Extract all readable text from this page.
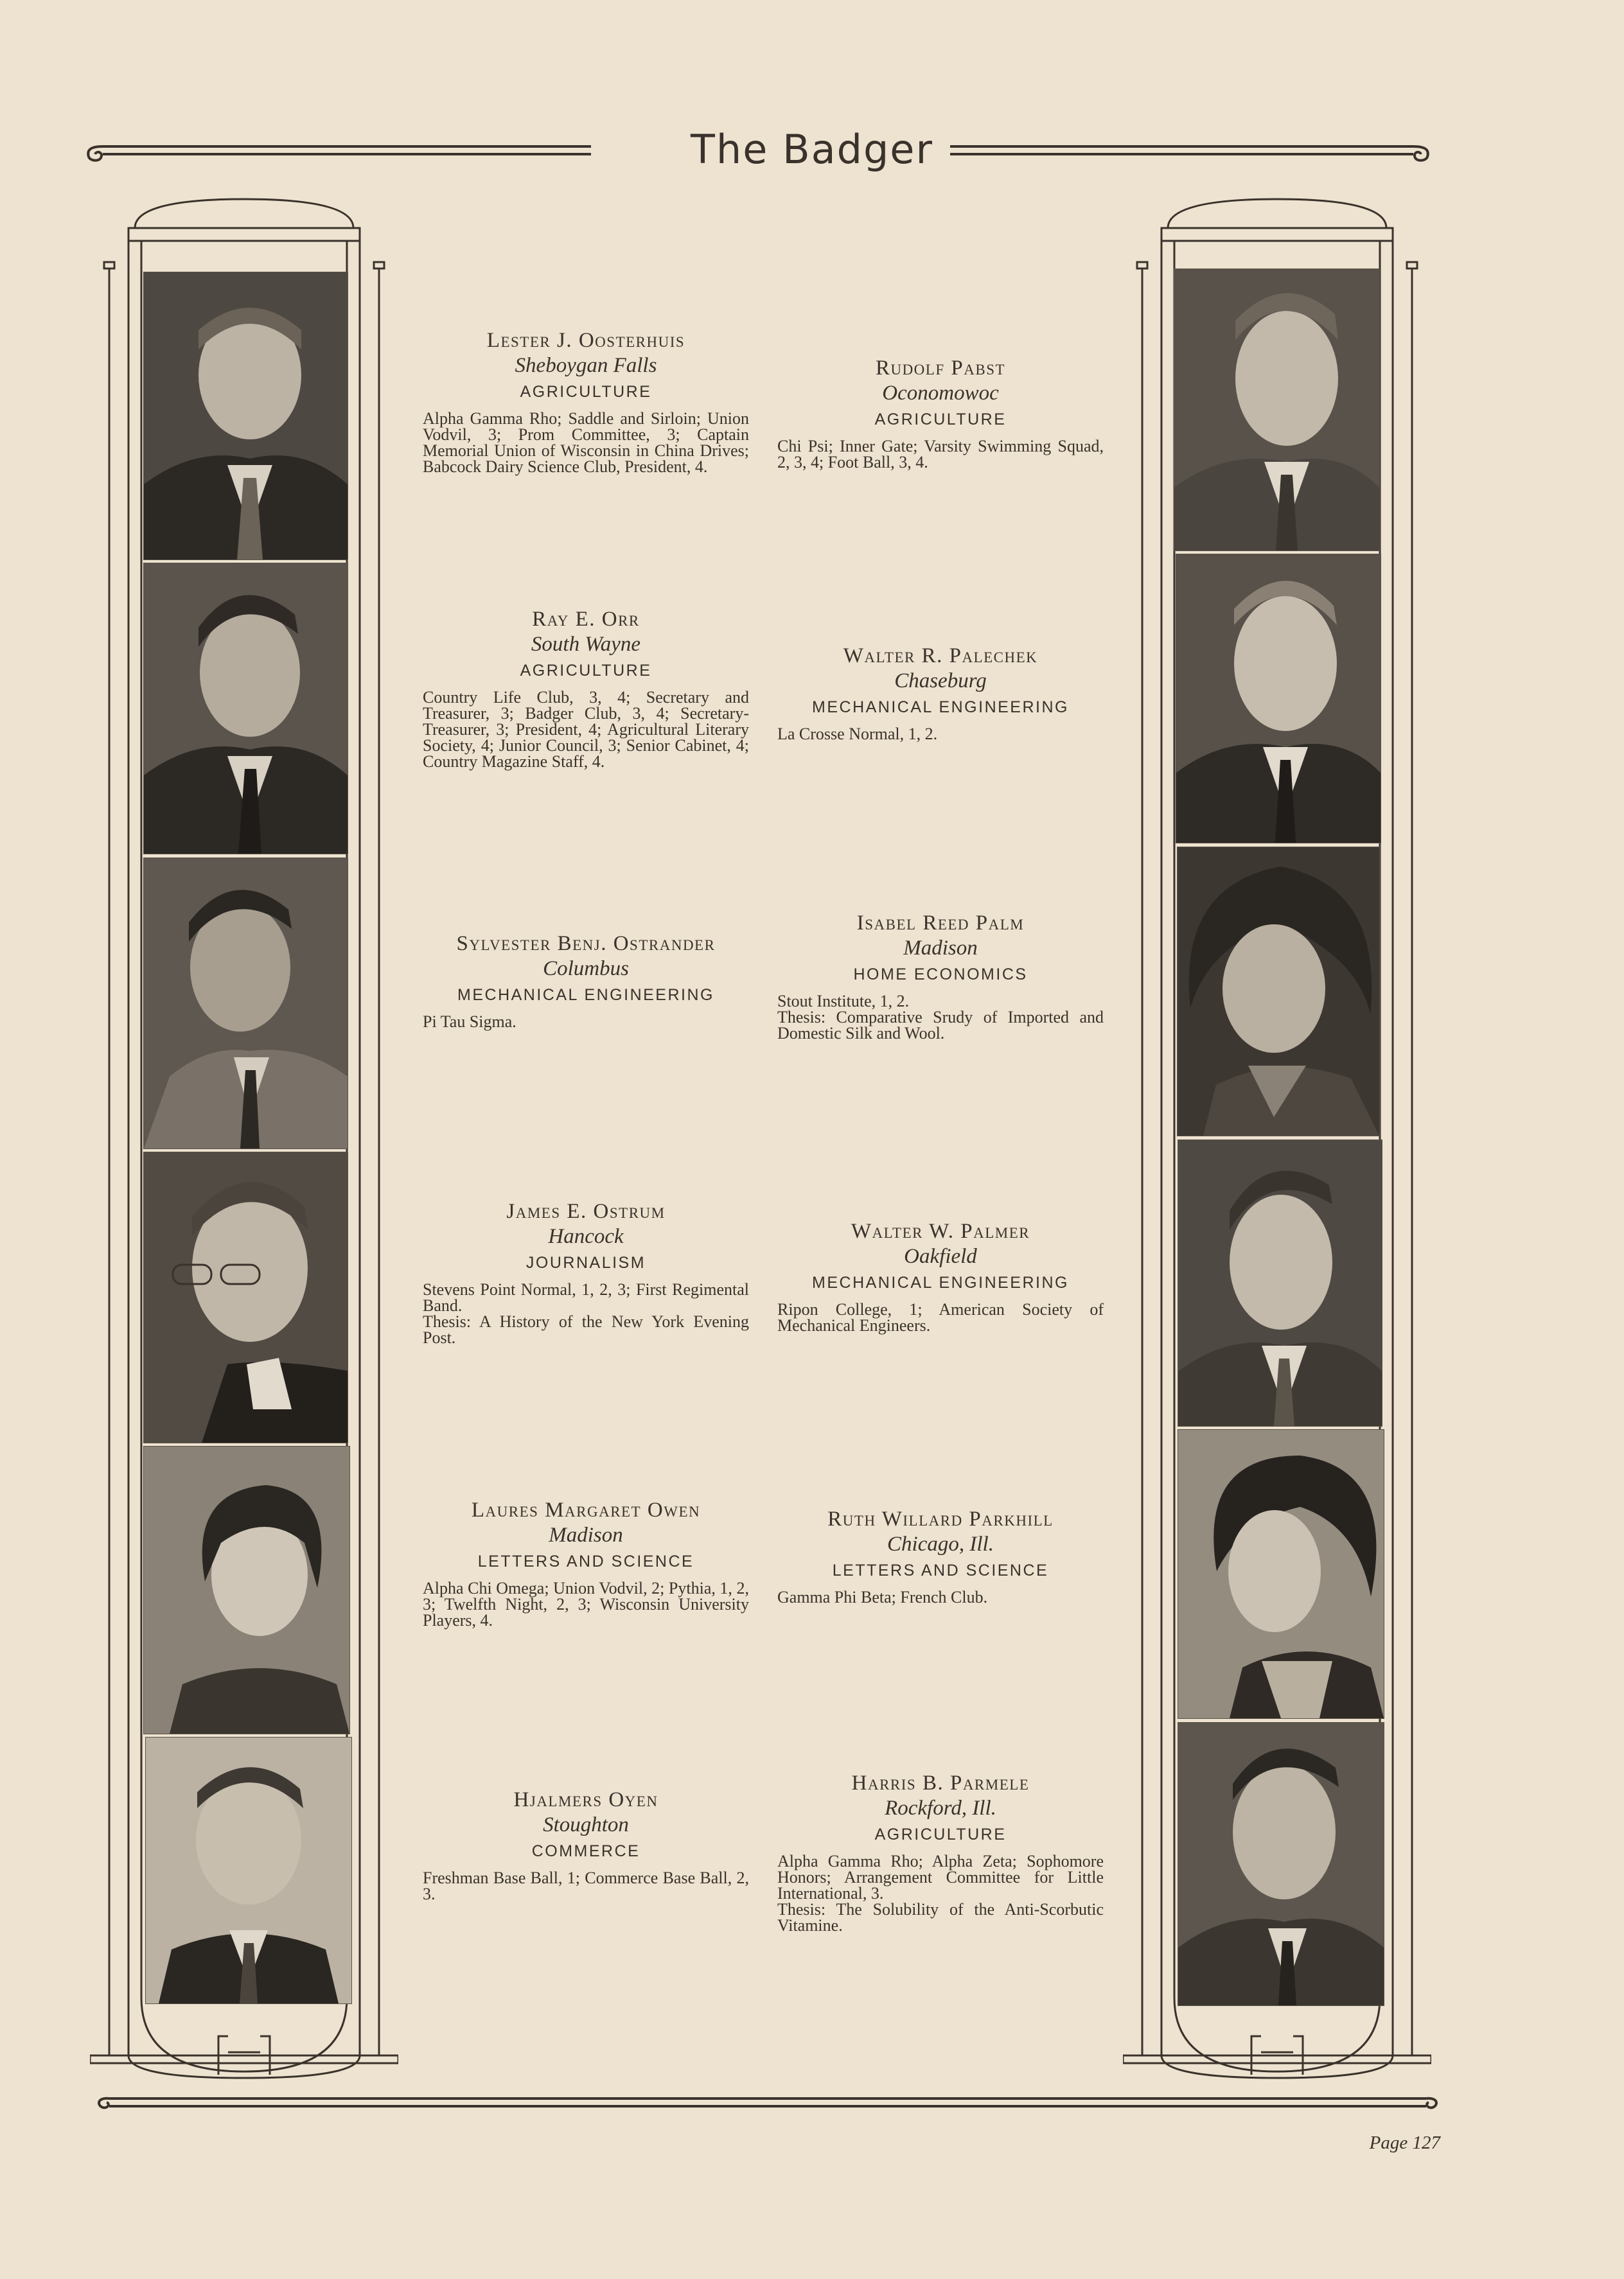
The Badger
Lester J. Oosterhuis
Sheboygan Falls
AGRICULTURE
Alpha Gamma Rho; Saddle and Sirloin; Union Vodvil, 3; Prom Committee, 3; Captain Memorial Union of Wisconsin in China Drives; Babcock Dairy Science Club, President, 4.
Ray E. Orr
South Wayne
AGRICULTURE
Country Life Club, 3, 4; Secretary and Treasurer, 3; Badger Club, 3, 4; Secretary-Treasurer, 3; President, 4; Agricultural Literary Society, 4; Junior Council, 3; Senior Cabinet, 4; Country Magazine Staff, 4.
Sylvester Benj. Ostrander
Columbus
MECHANICAL ENGINEERING
Pi Tau Sigma.
James E. Ostrum
Hancock
JOURNALISM
Stevens Point Normal, 1, 2, 3; First Regimental Band.
Thesis: A History of the New York Evening Post.
Laures Margaret Owen
Madison
LETTERS AND SCIENCE
Alpha Chi Omega; Union Vodvil, 2; Pythia, 1, 2, 3; Twelfth Night, 2, 3; Wisconsin University Players, 4.
Hjalmers Oyen
Stoughton
COMMERCE
Freshman Base Ball, 1; Commerce Base Ball, 2, 3.
Rudolf Pabst
Oconomowoc
AGRICULTURE
Chi Psi; Inner Gate; Varsity Swimming Squad, 2, 3, 4; Foot Ball, 3, 4.
Walter R. Palechek
Chaseburg
MECHANICAL ENGINEERING
La Crosse Normal, 1, 2.
Isabel Reed Palm
Madison
HOME ECONOMICS
Stout Institute, 1, 2.
Thesis: Comparative Srudy of Imported and Domestic Silk and Wool.
Walter W. Palmer
Oakfield
MECHANICAL ENGINEERING
Ripon College, 1; American Society of Mechanical Engineers.
Ruth Willard Parkhill
Chicago, Ill.
LETTERS AND SCIENCE
Gamma Phi Beta; French Club.
Harris B. Parmele
Rockford, Ill.
AGRICULTURE
Alpha Gamma Rho; Alpha Zeta; Sophomore Honors; Arrangement Committee for Little International, 3.
Thesis: The Solubility of the Anti-Scorbutic Vitamine.
Page 127
